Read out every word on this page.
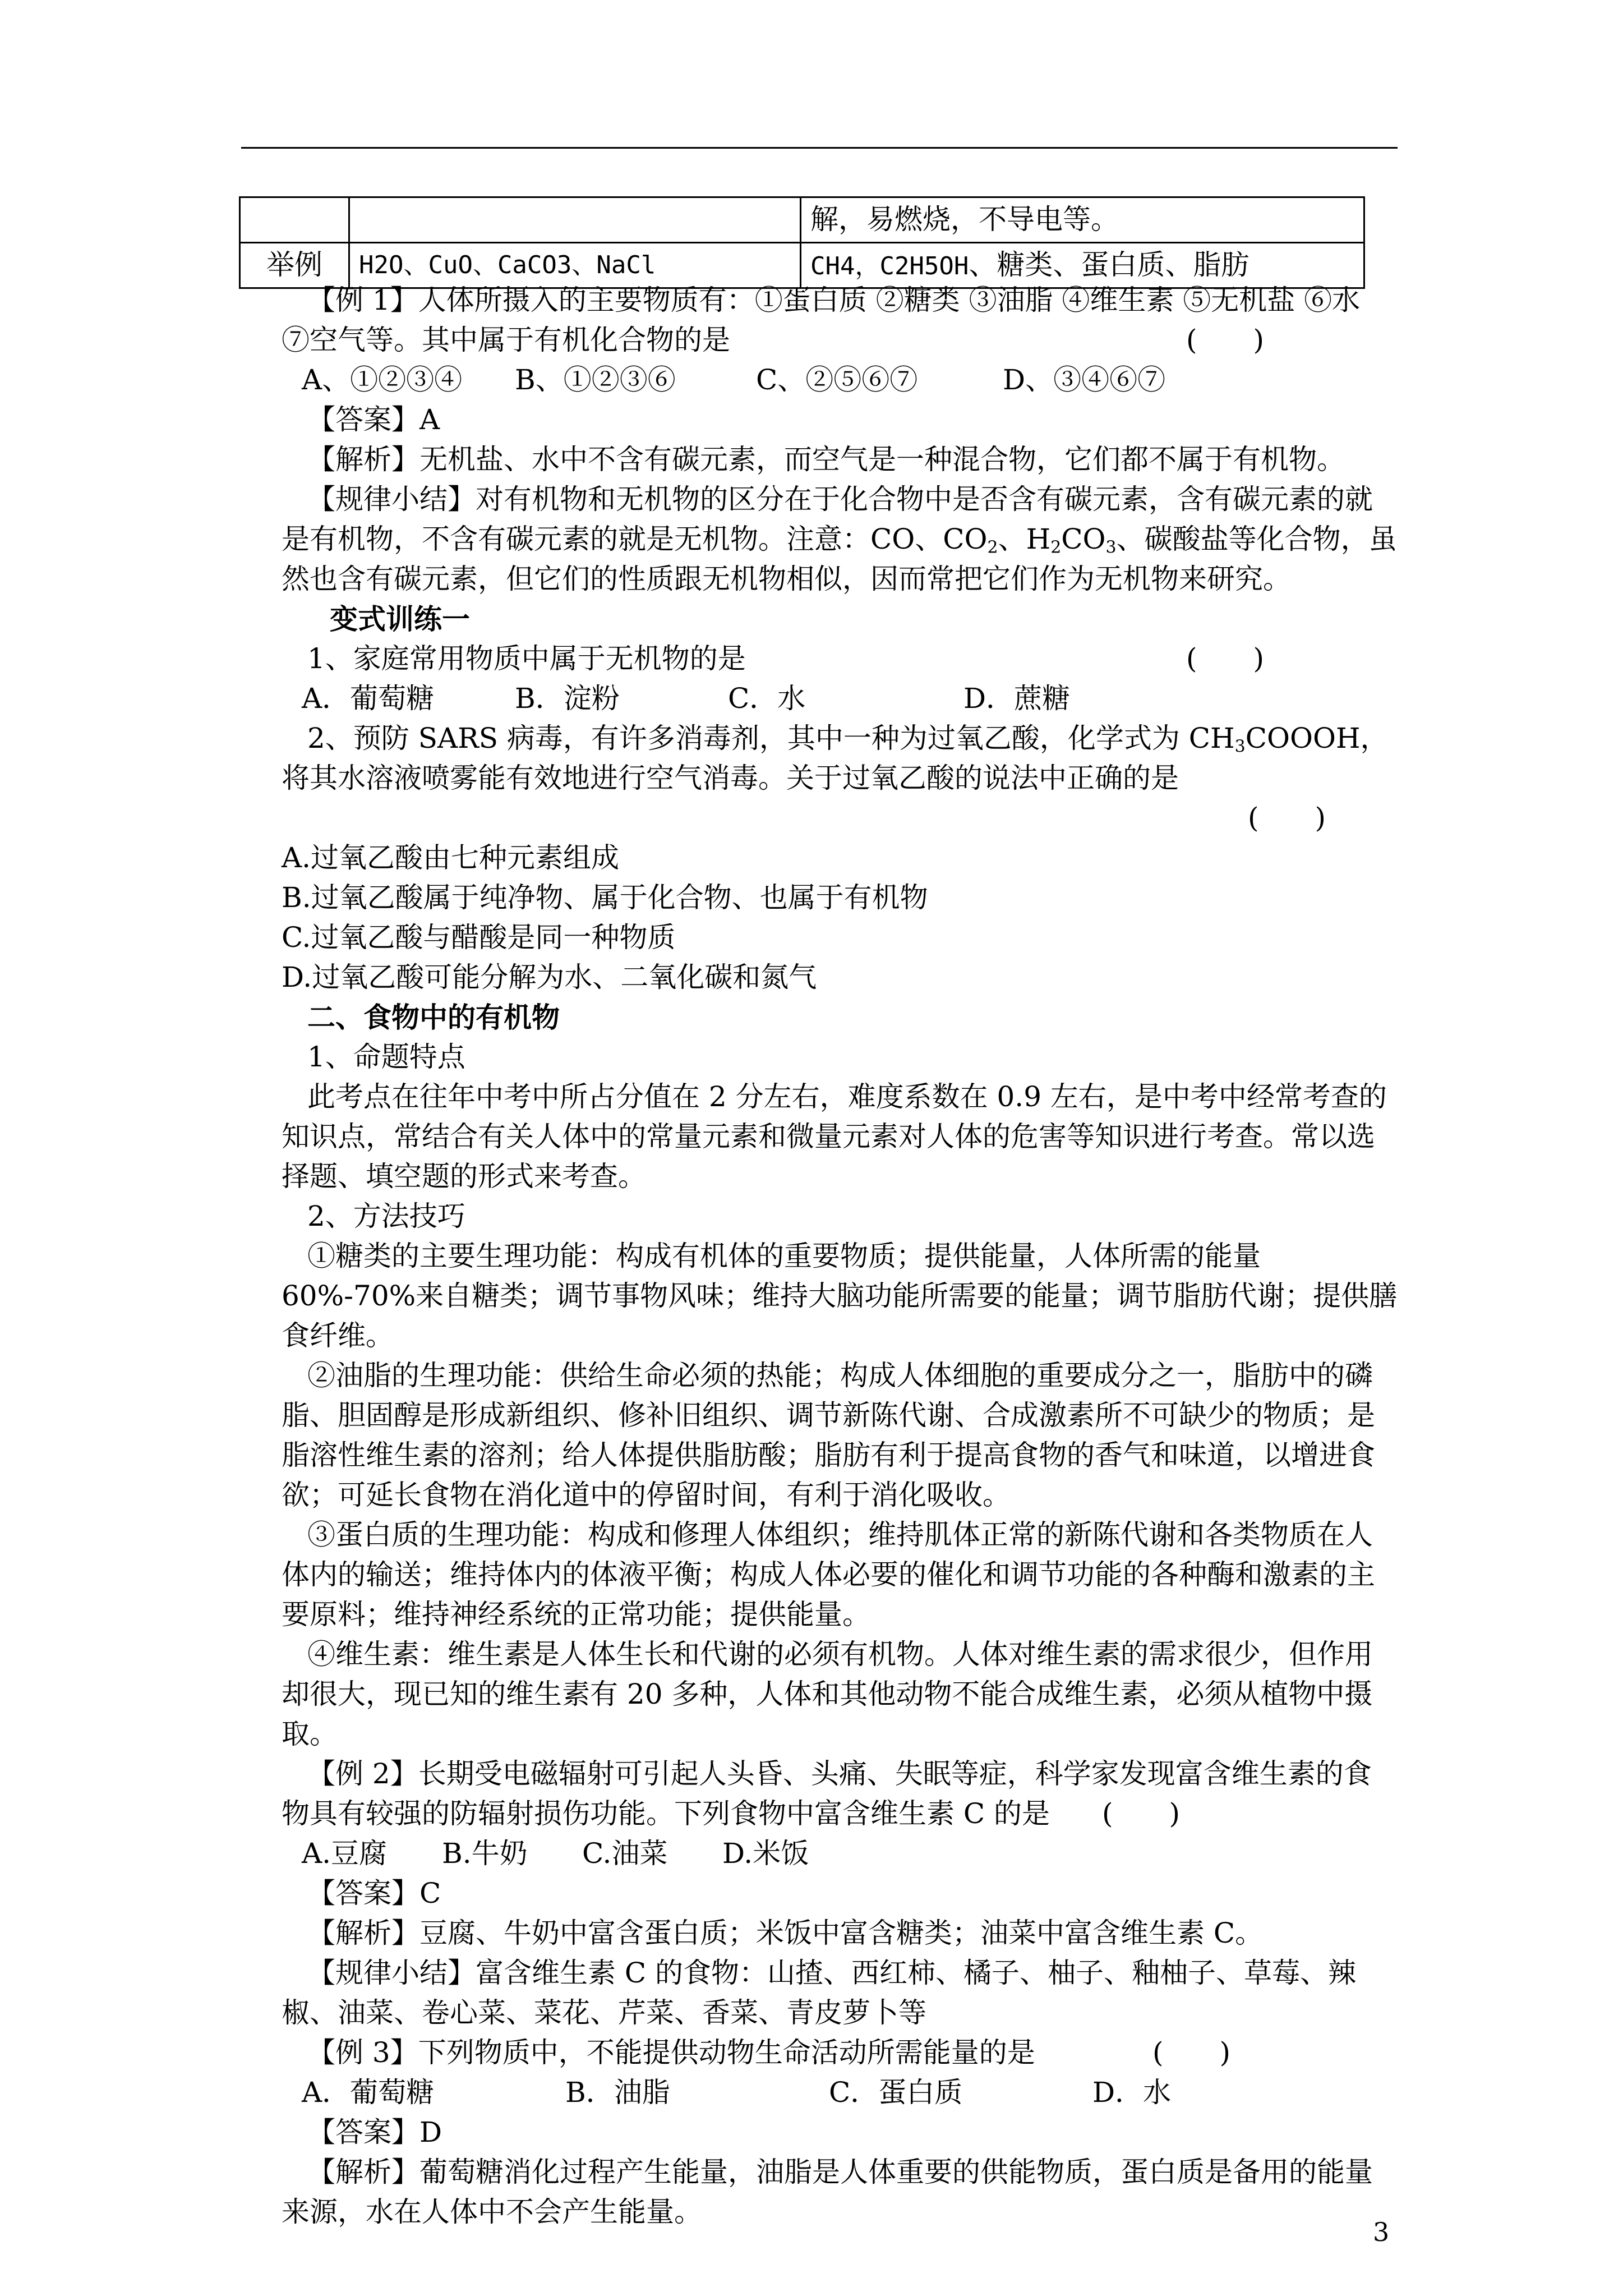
		解，易燃烧，不导电等。
举例	H2O、CuO、CaCO3、NaCl	CH4，C2H5OH、糖类、蛋白质、脂肪

【例 1】人体所摄入的主要物质有：①蛋白质 ②糖类 ③油脂 ④维生素 ⑤无机盐 ⑥水

⑦空气等。其中属于有机化合物的是	(　　)

A、①②③④ B、①②③⑥	C、②⑤⑥⑦	D、③④⑥⑦

【答案】A

【解析】无机盐、水中不含有碳元素，而空气是一种混合物，它们都不属于有机物。

【规律小结】对有机物和无机物的区分在于化合物中是否含有碳元素，含有碳元素的就是有机物，不含有碳元素的就是无机物。注意：CO、$CO_2$、$H_2CO_3$、碳酸盐等化合物，虽然也含有碳元素，但它们的性质跟无机物相似，因而常把它们作为无机物来研究。

变式训练一

1、家庭常用物质中属于无机物的是	(　　)

A．葡萄糖	B．淀粉	C．水	D．蔗糖

2、预防 SARS 病毒，有许多消毒剂，其中一种为过氧乙酸，化学式为 $CH_3COOOH$，将其水溶液喷雾能有效地进行空气消毒。关于过氧乙酸的说法中正确的是

(　　)

A.过氧乙酸由七种元素组成

B.过氧乙酸属于纯净物、属于化合物、也属于有机物

C.过氧乙酸与醋酸是同一种物质

D.过氧乙酸可能分解为水、二氧化碳和氮气

二、食物中的有机物

1、命题特点

此考点在往年中考中所占分值在 2 分左右，难度系数在 0.9 左右，是中考中经常考查的知识点，常结合有关人体中的常量元素和微量元素对人体的危害等知识进行考查。常以选择题、填空题的形式来考查。

2、方法技巧

①糖类的主要生理功能：构成有机体的重要物质；提供能量，人体所需的能量 60%-70%来自糖类；调节事物风味；维持大脑功能所需要的能量；调节脂肪代谢；提供膳食纤维。

②油脂的生理功能：供给生命必须的热能；构成人体细胞的重要成分之一，脂肪中的磷脂、胆固醇是形成新组织、修补旧组织、调节新陈代谢、合成激素所不可缺少的物质；是脂溶性维生素的溶剂；给人体提供脂肪酸；脂肪有利于提高食物的香气和味道，以增进食欲；可延长食物在消化道中的停留时间，有利于消化吸收。

③蛋白质的生理功能：构成和修理人体组织；维持肌体正常的新陈代谢和各类物质在人体内的输送；维持体内的体液平衡；构成人体必要的催化和调节功能的各种酶和激素的主要原料；维持神经系统的正常功能；提供能量。

④维生素：维生素是人体生长和代谢的必须有机物。人体对维生素的需求很少，但作用却很大，现已知的维生素有 20 多种，人体和其他动物不能合成维生素，必须从植物中摄取。

【例 2】长期受电磁辐射可引起人头昏、头痛、失眠等症，科学家发现富含维生素的食物具有较强的防辐射损伤功能。下列食物中富含维生素 C 的是	(　　)

A.豆腐 B.牛奶 C.油菜 D.米饭

【答案】C

【解析】豆腐、牛奶中富含蛋白质；米饭中富含糖类；油菜中富含维生素 C。

【规律小结】富含维生素 C 的食物：山揸、西红柿、橘子、柚子、釉柚子、草莓、辣椒、油菜、卷心菜、菜花、芹菜、香菜、青皮萝卜等

【例 3】下列物质中，不能提供动物生命活动所需能量的是	(　　)

A．葡萄糖	B．油脂	C．蛋白质	D．水

【答案】D

【解析】葡萄糖消化过程产生能量，油脂是人体重要的供能物质，蛋白质是备用的能量来源，水在人体中不会产生能量。

3
